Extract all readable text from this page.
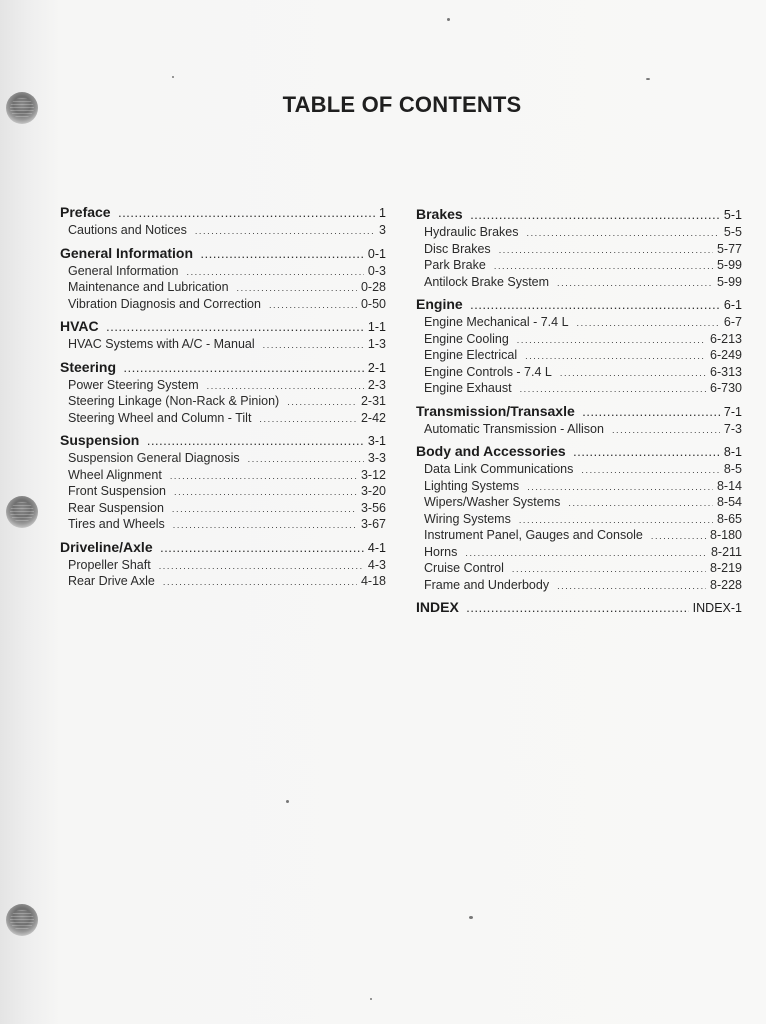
TABLE OF CONTENTS
Preface .....	1
Cautions and Notices .....	3
General Information .....	0-1
General Information .....	0-3
Maintenance and Lubrication .....	0-28
Vibration Diagnosis and Correction .....	0-50
HVAC .....	1-1
HVAC Systems with A/C - Manual .....	1-3
Steering .....	2-1
Power Steering System .....	2-3
Steering Linkage (Non-Rack & Pinion) .....	2-31
Steering Wheel and Column - Tilt .....	2-42
Suspension .....	3-1
Suspension General Diagnosis .....	3-3
Wheel Alignment .....	3-12
Front Suspension .....	3-20
Rear Suspension .....	3-56
Tires and Wheels .....	3-67
Driveline/Axle .....	4-1
Propeller Shaft .....	4-3
Rear Drive Axle .....	4-18
Brakes .....	5-1
Hydraulic Brakes .....	5-5
Disc Brakes .....	5-77
Park Brake .....	5-99
Antilock Brake System .....	5-99
Engine .....	6-1
Engine Mechanical - 7.4 L .....	6-7
Engine Cooling .....	6-213
Engine Electrical .....	6-249
Engine Controls - 7.4 L .....	6-313
Engine Exhaust .....	6-730
Transmission/Transaxle .....	7-1
Automatic Transmission - Allison .....	7-3
Body and Accessories .....	8-1
Data Link Communications .....	8-5
Lighting Systems .....	8-14
Wipers/Washer Systems .....	8-54
Wiring Systems .....	8-65
Instrument Panel, Gauges and Console .....	8-180
Horns .....	8-211
Cruise Control .....	8-219
Frame and Underbody .....	8-228
INDEX .....	INDEX-1
